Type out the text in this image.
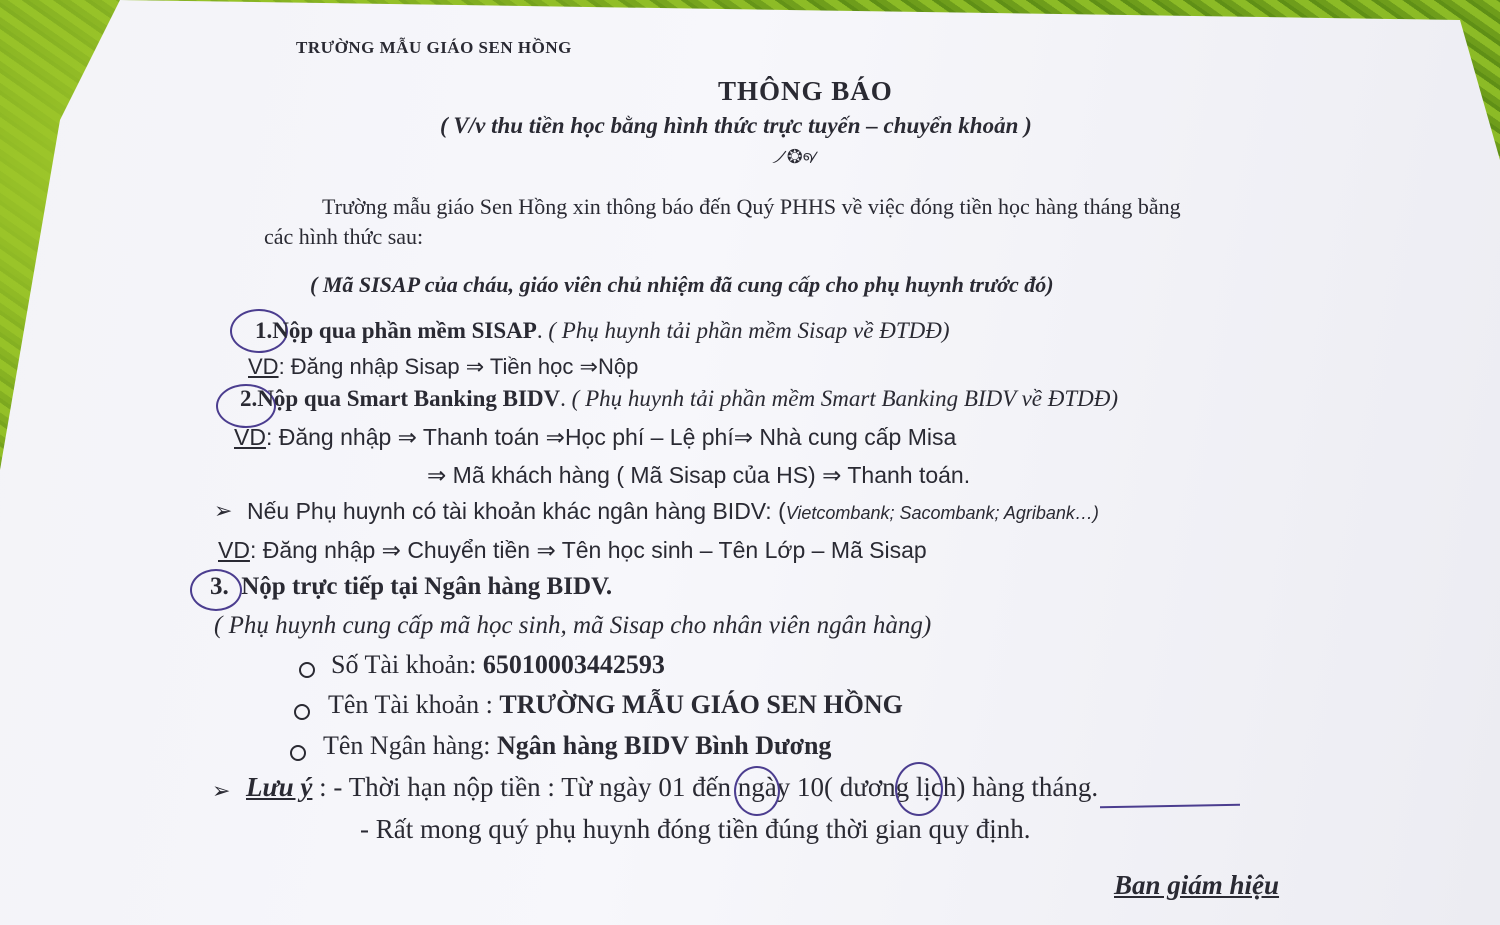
TRƯỜNG MẪU GIÁO SEN HỒNG
THÔNG BÁO
( V/v thu tiền học bằng hình thức trực tuyến – chuyển khoản )
୵❂୶
Trường mẫu giáo Sen Hồng xin thông báo đến Quý PHHS về việc đóng tiền học hàng tháng bằng
các hình thức sau:
( Mã SISAP của cháu, giáo viên chủ nhiệm đã cung cấp cho phụ huynh trước đó)
1.Nộp qua phần mềm SISAP. ( Phụ huynh tải phần mềm Sisap về ĐTDĐ)
VD: Đăng nhập Sisap ⇒ Tiền học ⇒Nộp
2.Nộp qua Smart Banking BIDV. ( Phụ huynh tải phần mềm Smart Banking BIDV về ĐTDĐ)
VD: Đăng nhập ⇒ Thanh toán ⇒Học phí – Lệ phí⇒ Nhà cung cấp Misa
⇒ Mã khách hàng ( Mã Sisap của HS) ⇒ Thanh toán.
➢ Nếu Phụ huynh có tài khoản khác ngân hàng BIDV: (Vietcombank; Sacombank; Agribank…)
VD: Đăng nhập ⇒ Chuyển tiền ⇒ Tên học sinh – Tên Lớp – Mã Sisap
3. Nộp trực tiếp tại Ngân hàng BIDV.
( Phụ huynh cung cấp mã học sinh, mã Sisap cho nhân viên ngân hàng)
Số Tài khoản: 65010003442593
Tên Tài khoản : TRƯỜNG MẪU GIÁO SEN HỒNG
Tên Ngân hàng: Ngân hàng BIDV Bình Dương
➢ Lưu ý : - Thời hạn nộp tiền : Từ ngày 01 đến ngày 10( dương lịch) hàng tháng.
- Rất mong quý phụ huynh đóng tiền đúng thời gian quy định.
Ban giám hiệu
